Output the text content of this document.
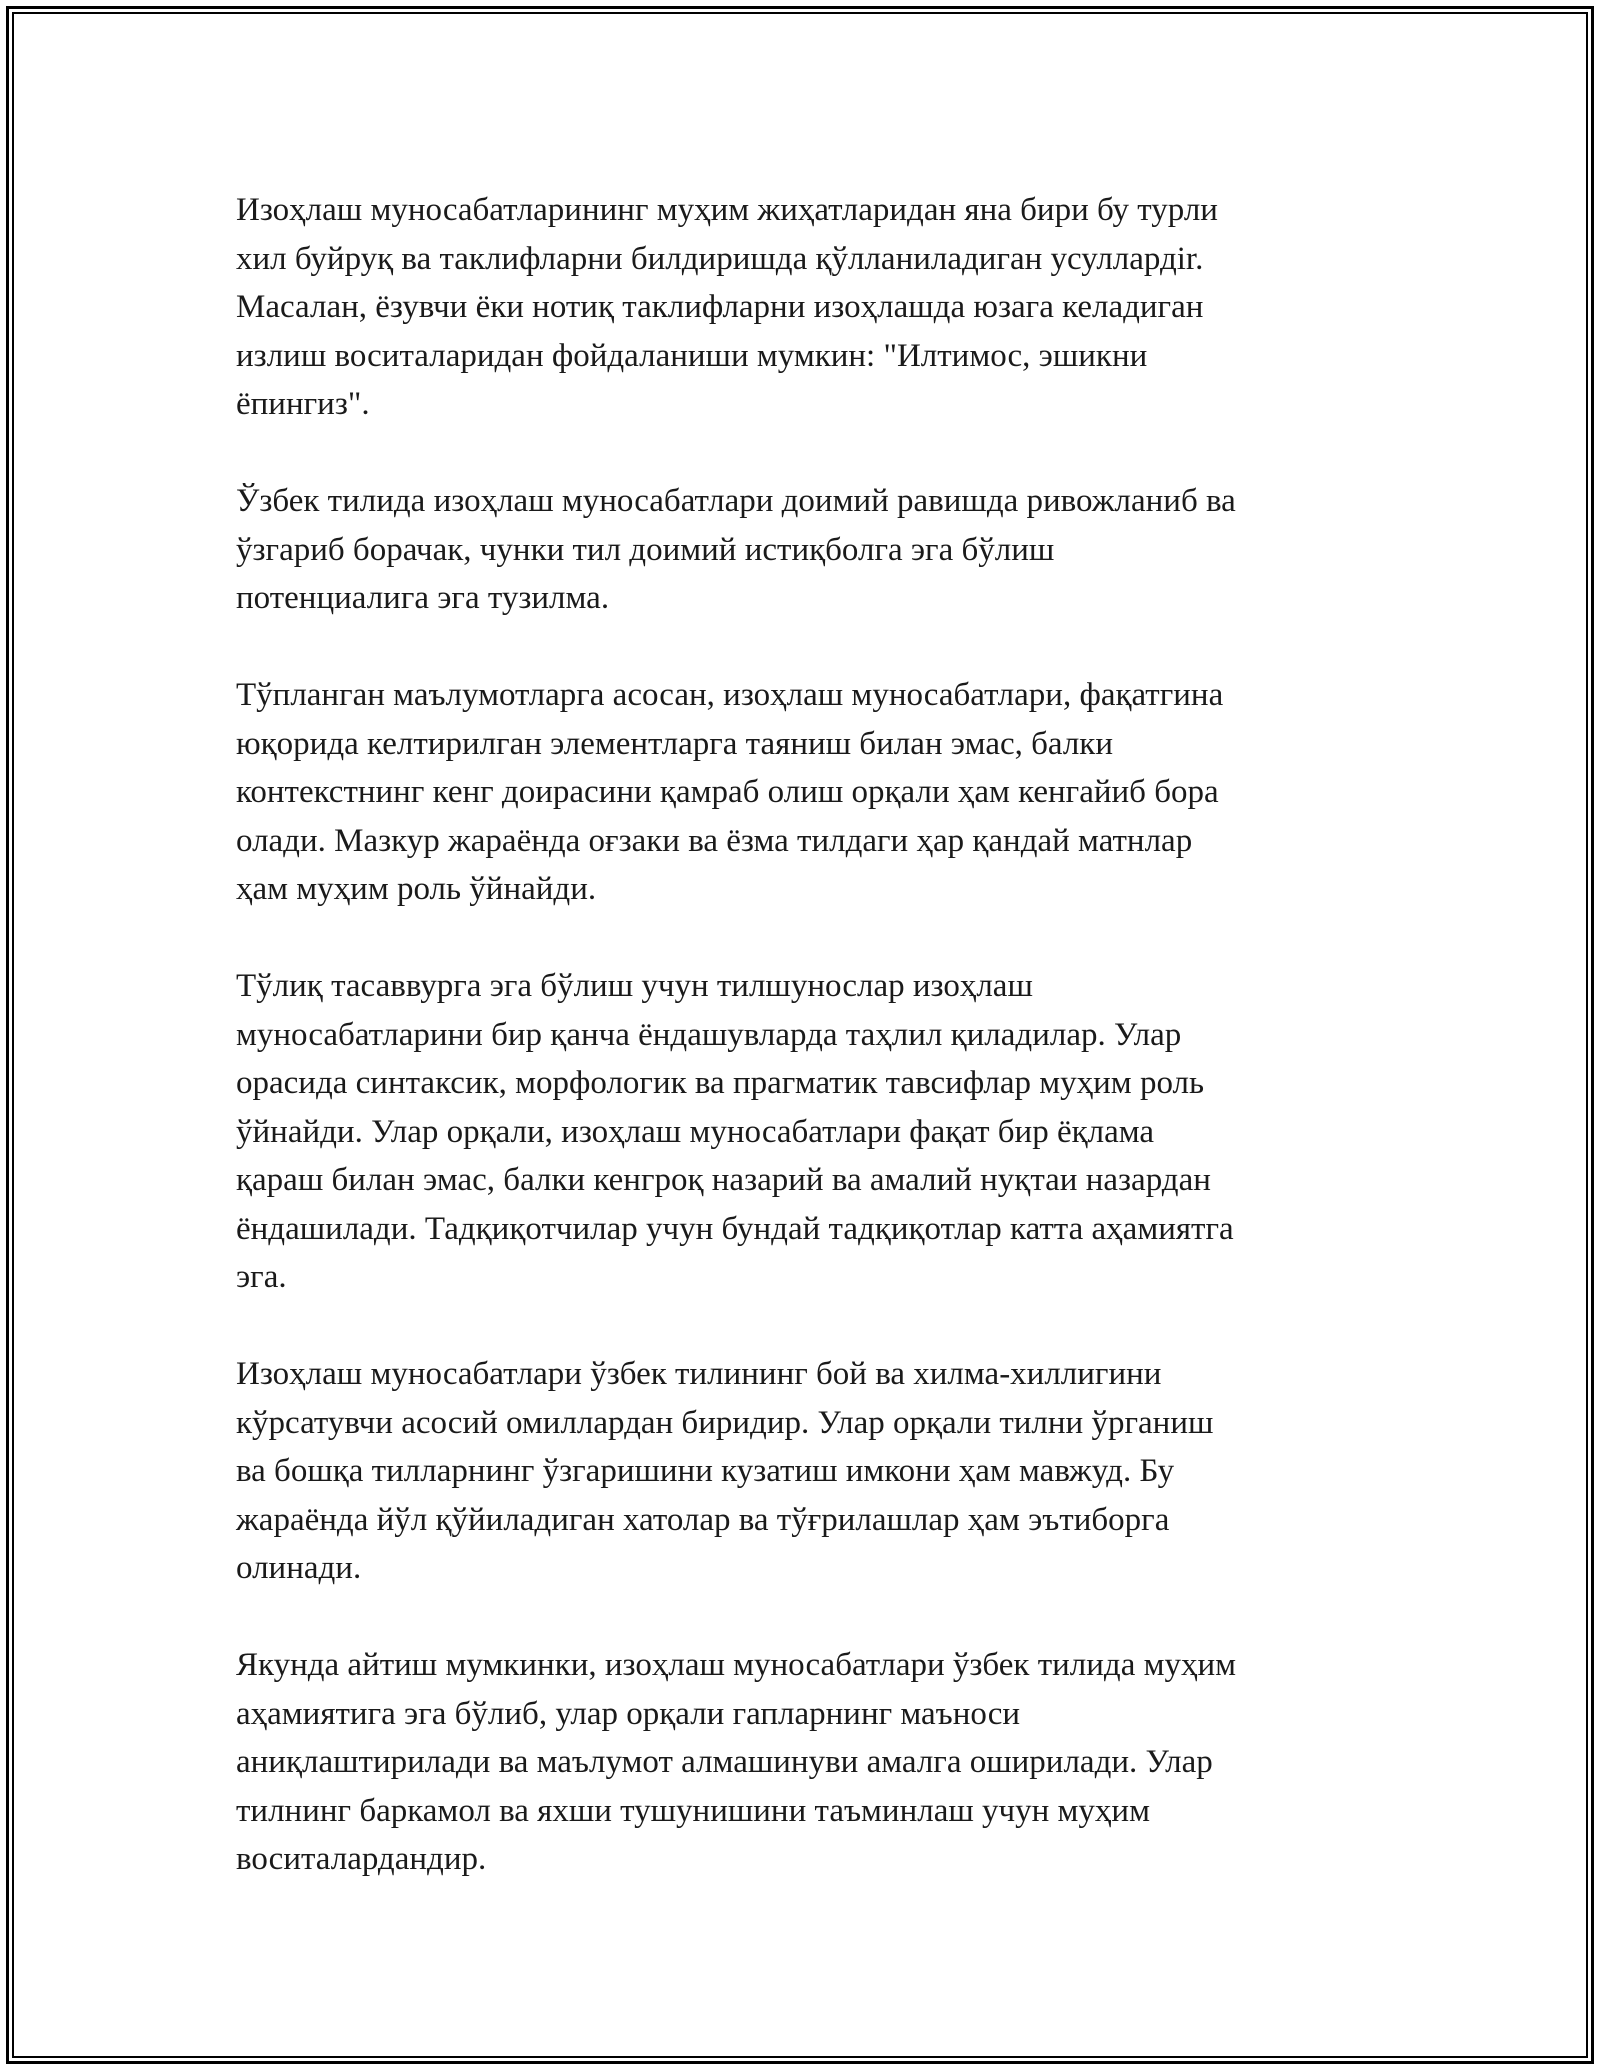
Изоҳлаш муносабатларининг муҳим жиҳатларидан яна бири бу турли
хил буйруқ ва таклифларни билдиришда қўлланиладиган усуллардir.
Масалан, ёзувчи ёки нотиқ таклифларни изоҳлашда юзага келадиган
излиш воситаларидан фойдаланиши мумкин: "Илтимос, эшикни
ёпингиз".

Ўзбек тилида изоҳлаш муносабатлари доимий равишда ривожланиб ва
ўзгариб борачак, чунки тил доимий истиқболга эга бўлиш
потенциалига эга тузилма.

Тўпланган маълумотларга асосан, изоҳлаш муносабатлари, фақатгина
юқорида келтирилган элементларга таяниш билан эмас, балки
контекстнинг кенг доирасини қамраб олиш орқали ҳам кенгайиб бора
олади. Мазкур жараёнда оғзаки ва ёзма тилдаги ҳар қандай матнлар
ҳам муҳим роль ўйнайди.

Тўлиқ тасаввурга эга бўлиш учун тилшунослар изоҳлаш
муносабатларини бир қанча ёндашувларда таҳлил қиладилар. Улар
орасида синтаксик, морфологик ва прагматик тавсифлар муҳим роль
ўйнайди. Улар орқали, изоҳлаш муносабатлари фақат бир ёқлама
қараш билан эмас, балки кенгроқ назарий ва амалий нуқтаи назардан
ёндашилади. Тадқиқотчилар учун бундай тадқиқотлар катта аҳамиятга
эга.

Изоҳлаш муносабатлари ўзбек тилининг бой ва хилма-хиллигини
кўрсатувчи асосий омиллардан биридир. Улар орқали тилни ўрганиш
ва бошқа тилларнинг ўзгаришини кузатиш имкони ҳам мавжуд. Бу
жараёнда йўл қўйиладиган хатолар ва тўғрилашлар ҳам эътиборга
олинади.

Якунда айтиш мумкинки, изоҳлаш муносабатлари ўзбек тилида муҳим
аҳамиятига эга бўлиб, улар орқали гапларнинг маъноси
аниқлаштирилади ва маълумот алмашинуви амалга оширилади. Улар
тилнинг баркамол ва яхши тушунишини таъминлаш учун муҳим
воситалардандир.
